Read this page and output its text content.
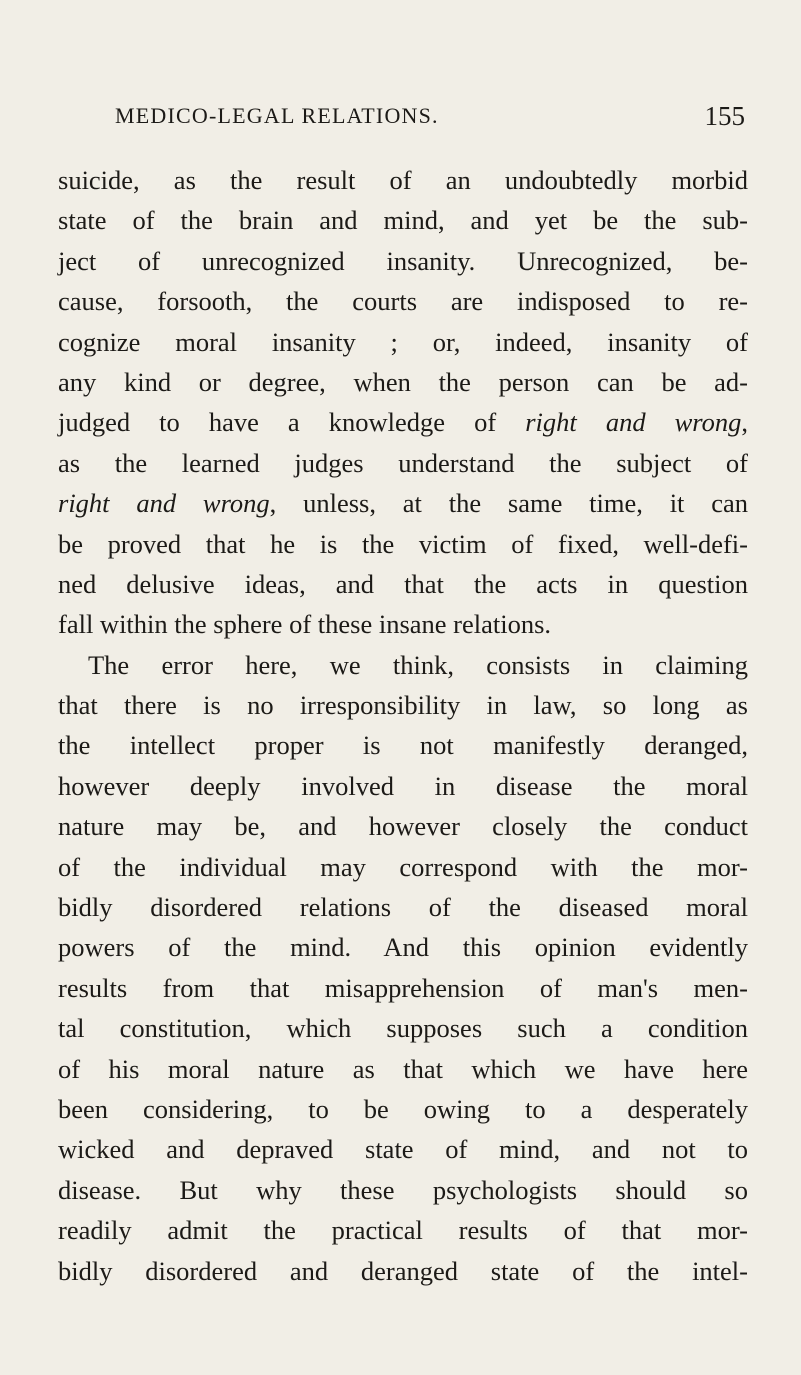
MEDICO-LEGAL RELATIONS.	155
suicide, as the result of an undoubtedly morbid
state of the brain and mind, and yet be the sub-
ject of unrecognized insanity. Unrecognized, be-
cause, forsooth, the courts are indisposed to re-
cognize moral insanity ; or, indeed, insanity of
any kind or degree, when the person can be ad-
judged to have a knowledge of right and wrong,
as the learned judges understand the subject of
right and wrong, unless, at the same time, it can
be proved that he is the victim of fixed, well-defi-
ned delusive ideas, and that the acts in question
fall within the sphere of these insane relations.
The error here, we think, consists in claiming
that there is no irresponsibility in law, so long as
the intellect proper is not manifestly deranged,
however deeply involved in disease the moral
nature may be, and however closely the conduct
of the individual may correspond with the mor-
bidly disordered relations of the diseased moral
powers of the mind. And this opinion evidently
results from that misapprehension of man's men-
tal constitution, which supposes such a condition
of his moral nature as that which we have here
been considering, to be owing to a desperately
wicked and depraved state of mind, and not to
disease. But why these psychologists should so
readily admit the practical results of that mor-
bidly disordered and deranged state of the intel-
